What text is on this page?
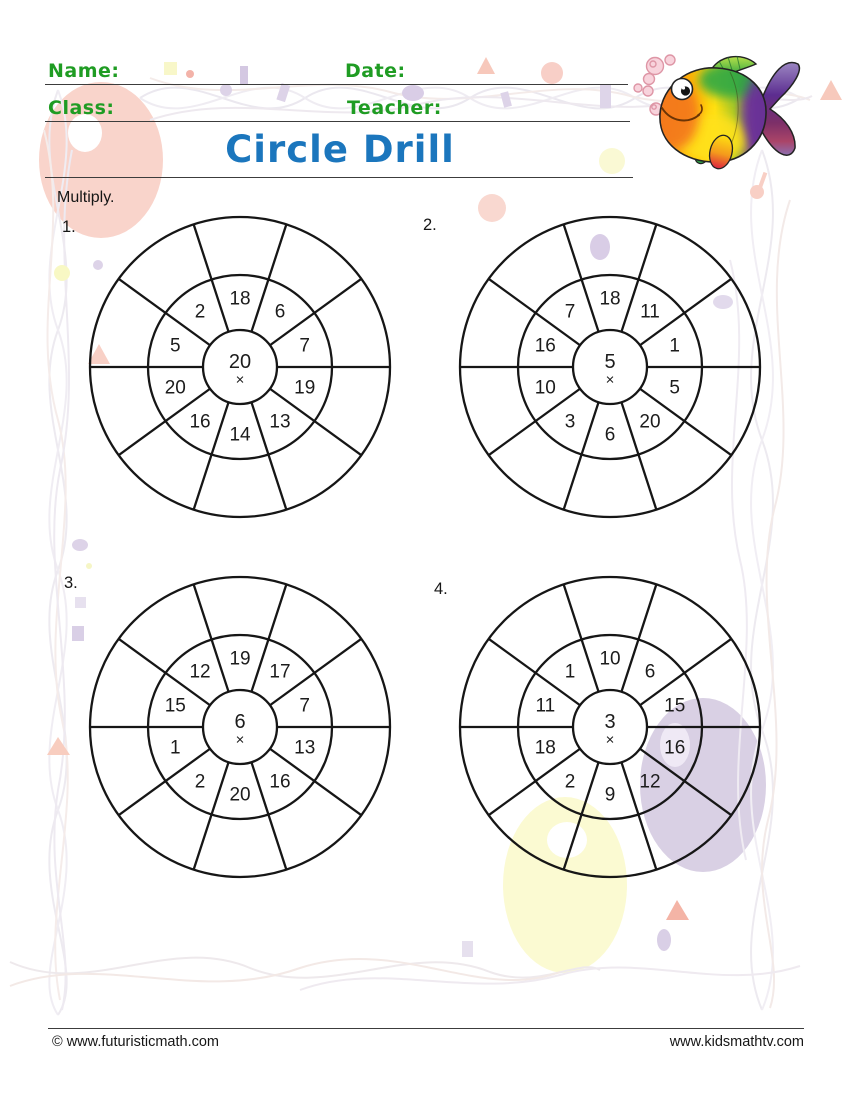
Name:	Date:
Class:	Teacher:
Circle Drill
Multiply.
1.	2.
3.	4.
18
6
7
19
13
14
16
20
5
2
20
×
18
11
1
5
20
6
3
10
16
7
5
×
19
17
7
13
16
20
2
1
15
12
6
×
10
6
15
16
12
9
2
18
11
1
3
×
© www.futuristicmath.com	www.kidsmathtv.com
